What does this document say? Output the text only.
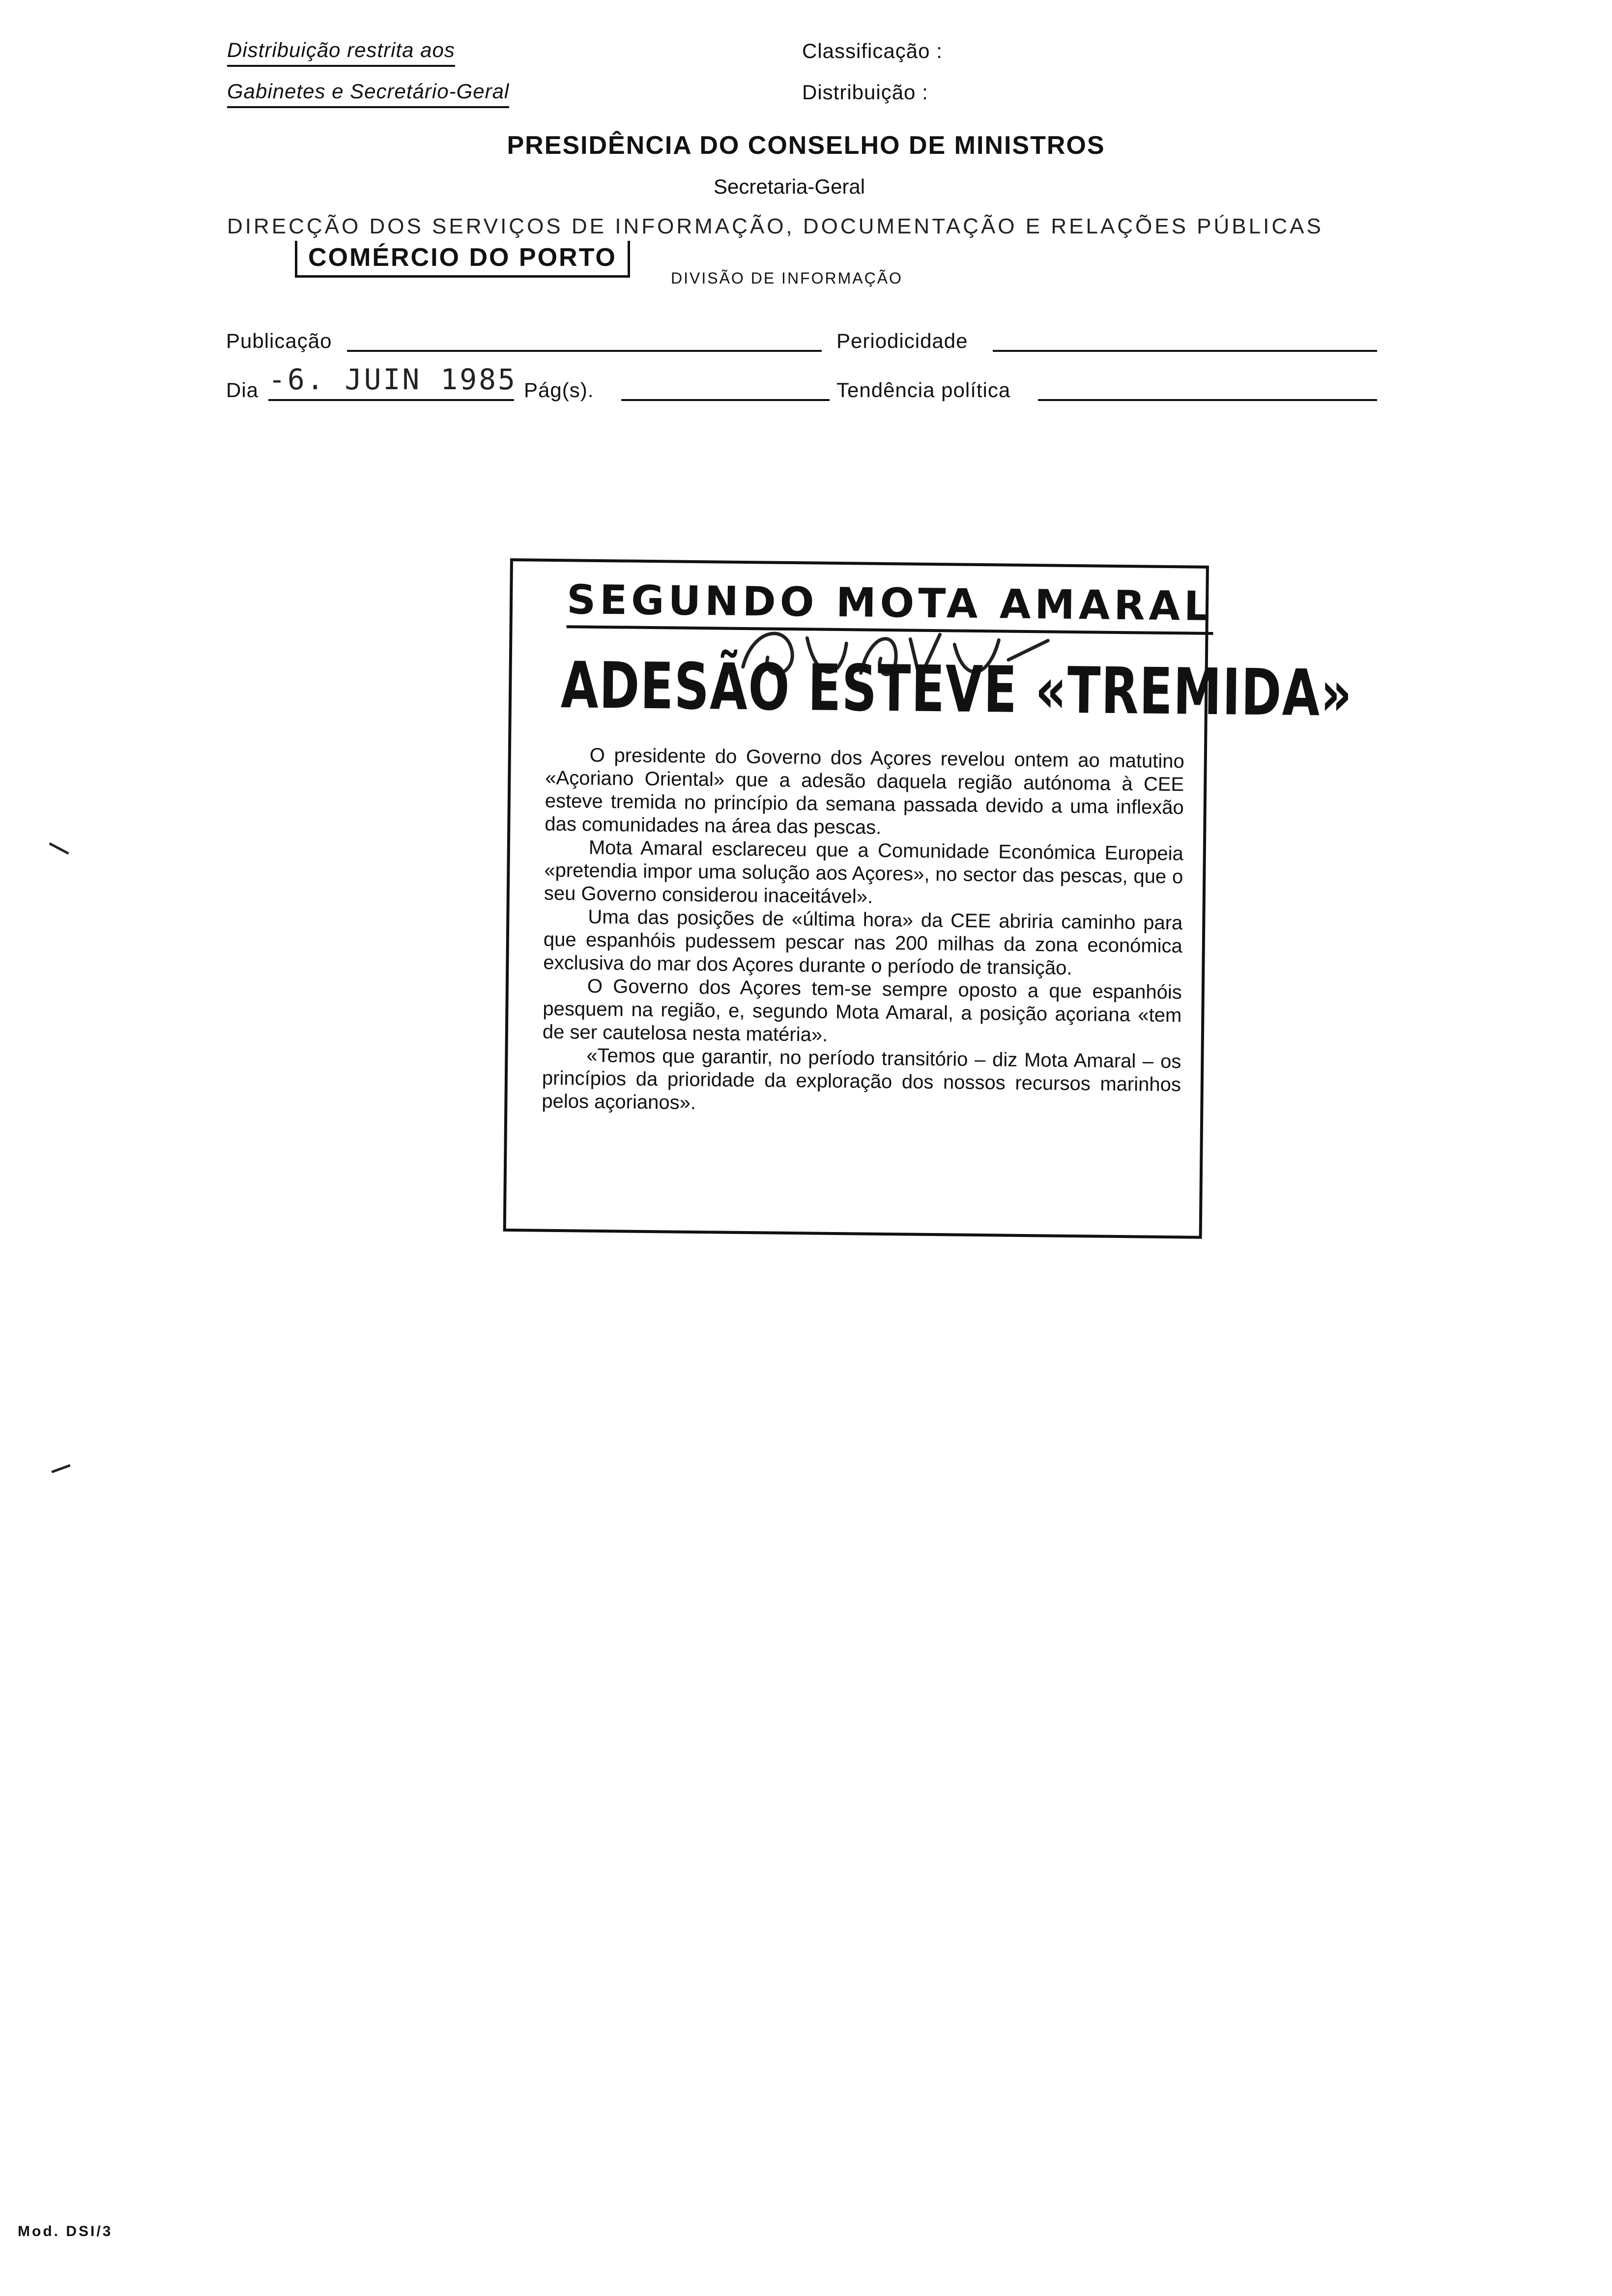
Distribuição restrita aos
Gabinetes e Secretário-Geral
Classificação :
Distribuição :
PRESIDÊNCIA DO CONSELHO DE MINISTROS
Secretaria-Geral
DIRECÇÃO DOS SERVIÇOS DE INFORMAÇÃO, DOCUMENTAÇÃO E RELAÇÕES PÚBLICAS
COMÉRCIO DO PORTO
DIVISÃO DE INFORMAÇÃO
Publicação	Periodicidade
Dia -6. JUIN 1985 Pág(s).	Tendência política
SEGUNDO MOTA AMARAL
ADESÃO ESTEVE «TREMIDA»

O presidente do Governo dos Açores revelou ontem ao matutino «Açoriano Oriental» que a adesão daquela região autónoma à CEE esteve tremida no princípio da semana passada devido a uma inflexão das comunidades na área das pescas.

Mota Amaral esclareceu que a Comunidade Económica Europeia «pretendia impor uma solução aos Açores», no sector das pescas, que o seu Governo considerou inaceitável».

Uma das posições de «última hora» da CEE abriria caminho para que espanhóis pudessem pescar nas 200 milhas da zona económica exclusiva do mar dos Açores durante o período de transição.

O Governo dos Açores tem-se sempre oposto a que espanhóis pesquem na região, e, segundo Mota Amaral, a posição açoriana «tem de ser cautelosa nesta matéria».

«Temos que garantir, no período transitório – diz Mota Amaral – os princípios da prioridade da exploração dos nossos recursos marinhos pelos açorianos».

Mod. DSI/3
